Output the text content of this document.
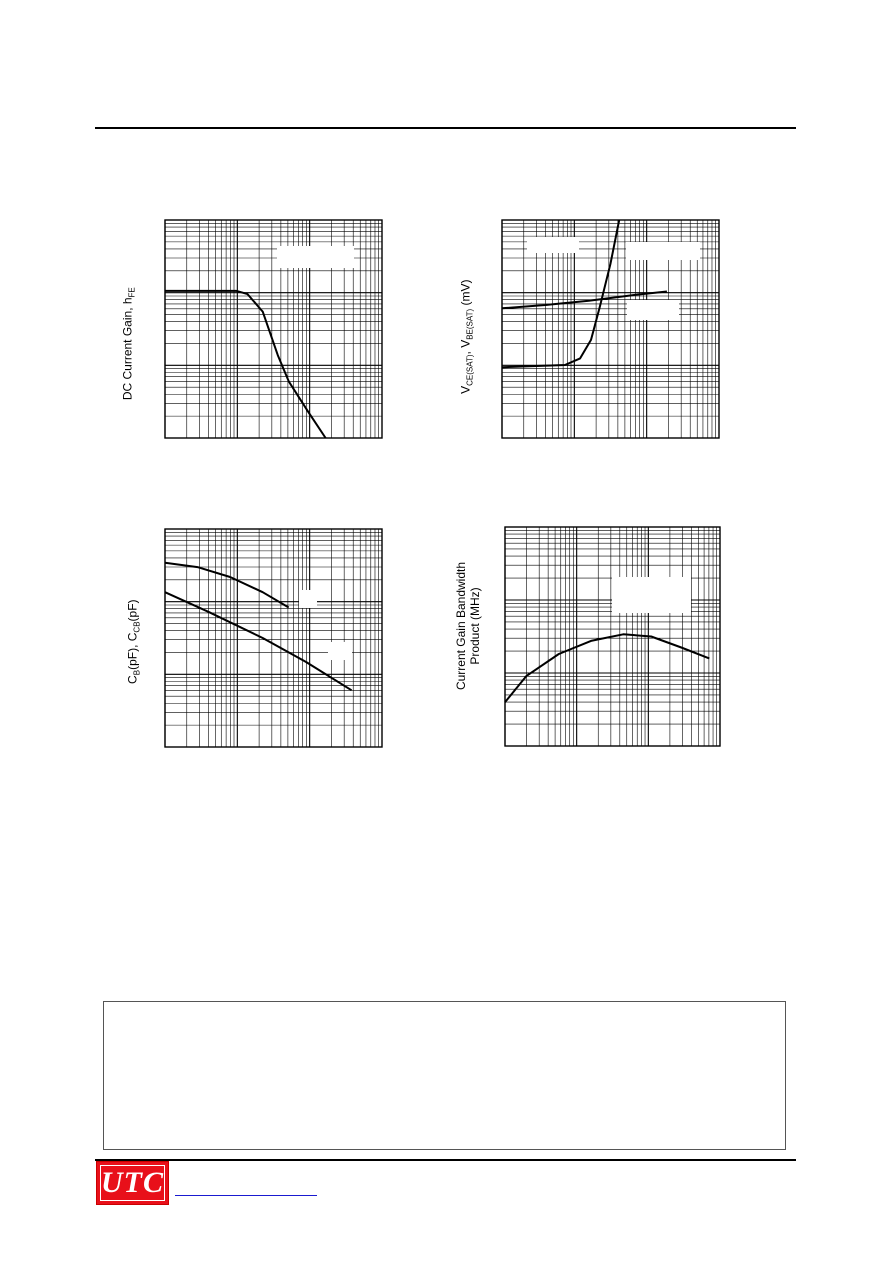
DC Current Gain, $h_{FE}$
$V_{CE(SAT)}$, $V_{BE(SAT)}$ (mV)
$C_B(pF)$, $C_{CB}(pF)$	Current Gain Bandwidth Product (MHz)
UTC
